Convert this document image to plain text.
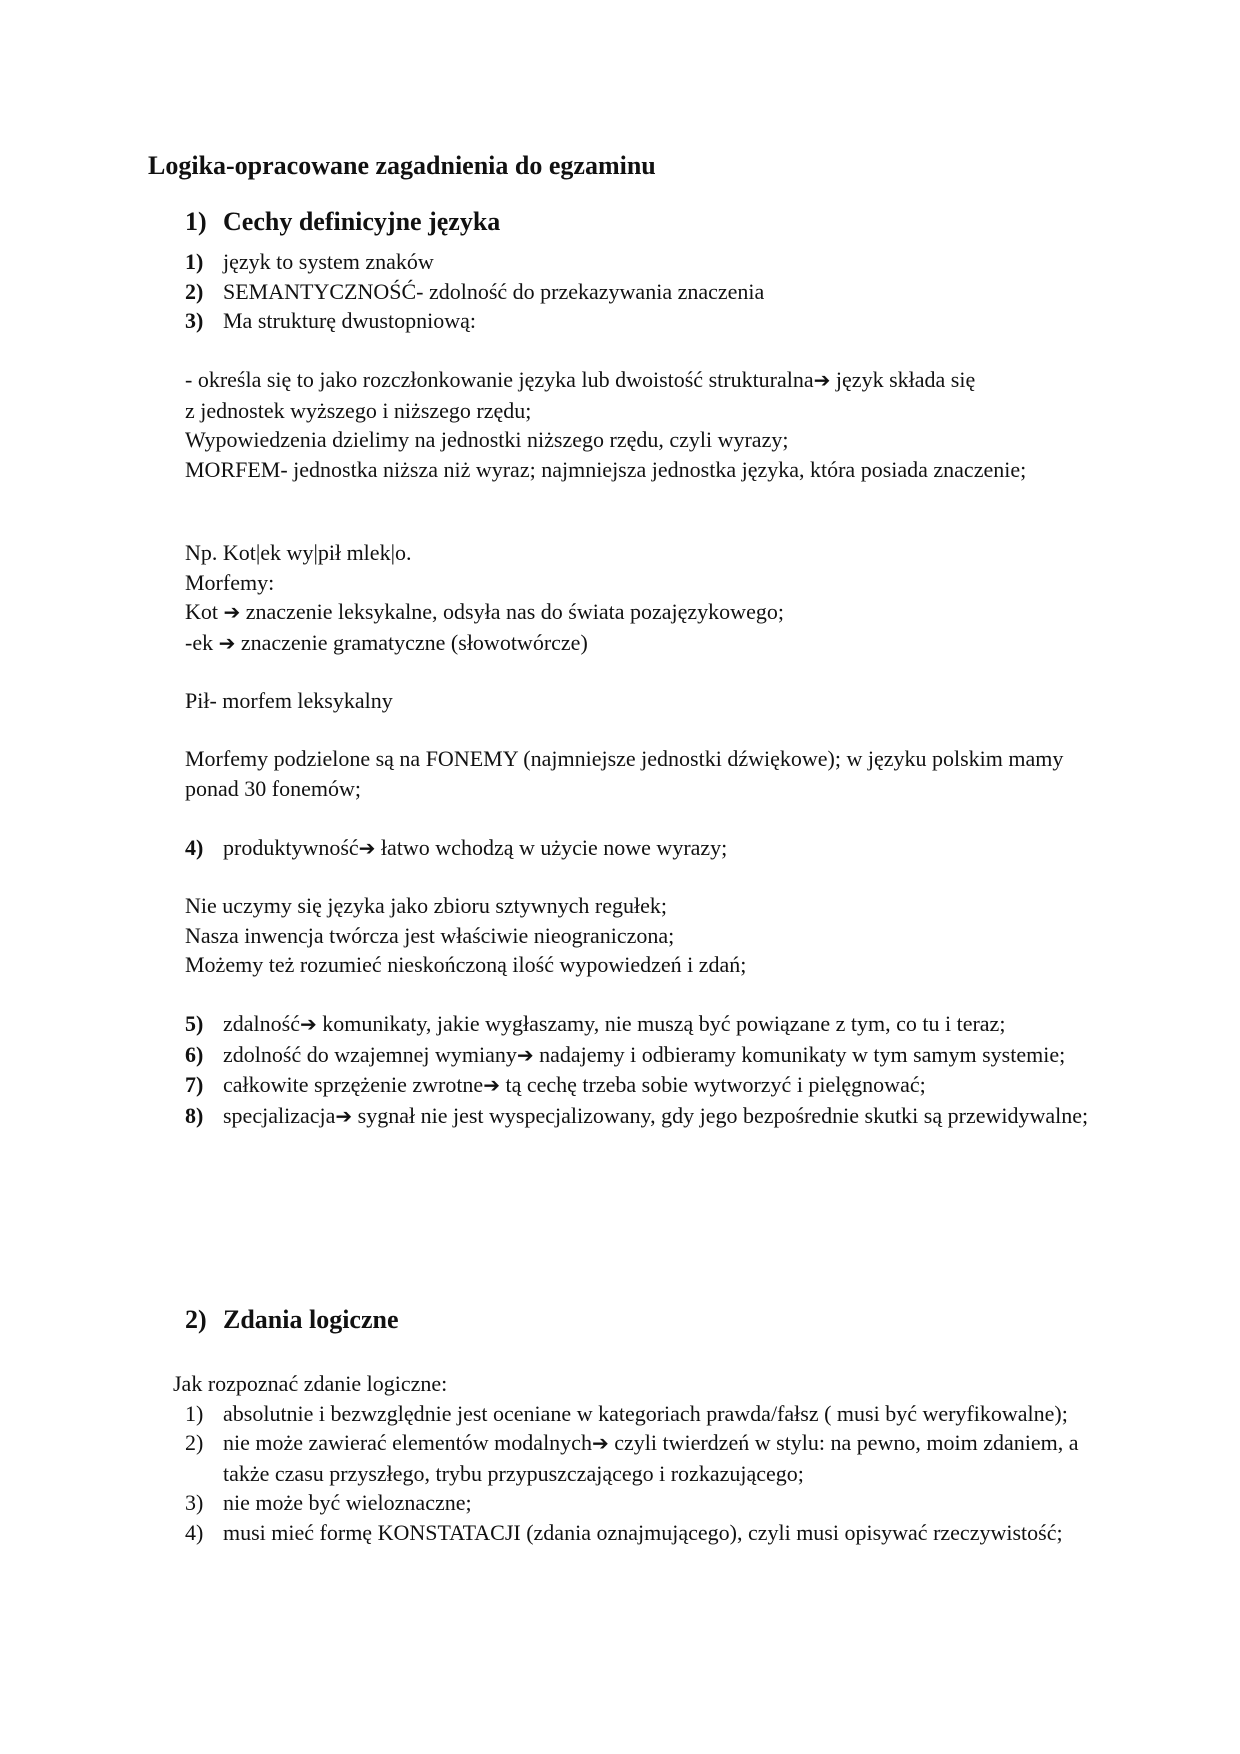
Logika-opracowane zagadnienia do egzaminu
1) Cechy definicyjne języka
1) język to system znaków
2) SEMANTYCZNOŚĆ- zdolność do przekazywania znaczenia
3) Ma strukturę dwustopniową:

- określa się to jako rozczłonkowanie języka lub dwoistość strukturalna➔ język składa się

z jednostek wyższego i niższego rzędu;

Wypowiedzenia dzielimy na jednostki niższego rzędu, czyli wyrazy;

MORFEM- jednostka niższa niż wyraz; najmniejsza jednostka języka, która posiada znaczenie;

Np. Kot|ek wy|pił mlek|o.

Morfemy:

Kot ➔ znaczenie leksykalne, odsyła nas do świata pozajęzykowego;

-ek ➔ znaczenie gramatyczne (słowotwórcze)

Pił- morfem leksykalny

Morfemy podzielone są na FONEMY (najmniejsze jednostki dźwiękowe); w języku polskim mamy ponad 30 fonemów;

4) produktywność➔ łatwo wchodzą w użycie nowe wyrazy;

Nie uczymy się języka jako zbioru sztywnych regułek;

Nasza inwencja twórcza jest właściwie nieograniczona;

Możemy też rozumieć nieskończoną ilość wypowiedzeń i zdań;

5) zdalność➔ komunikaty, jakie wygłaszamy, nie muszą być powiązane z tym, co tu i teraz;
6) zdolność do wzajemnej wymiany➔ nadajemy i odbieramy komunikaty w tym samym systemie;
7) całkowite sprzężenie zwrotne➔ tą cechę trzeba sobie wytworzyć i pielęgnować;
8) specjalizacja➔ sygnał nie jest wyspecjalizowany, gdy jego bezpośrednie skutki są przewidywalne;
2) Zdania logiczne

Jak rozpoznać zdanie logiczne:

1) absolutnie i bezwzględnie jest oceniane w kategoriach prawda/fałsz ( musi być weryfikowalne);
2) nie może zawierać elementów modalnych➔ czyli twierdzeń w stylu: na pewno, moim zdaniem, a także czasu przyszłego, trybu przypuszczającego i rozkazującego;
3) nie może być wieloznaczne;
4) musi mieć formę KONSTATACJI (zdania oznajmującego), czyli musi opisywać rzeczywistość;
